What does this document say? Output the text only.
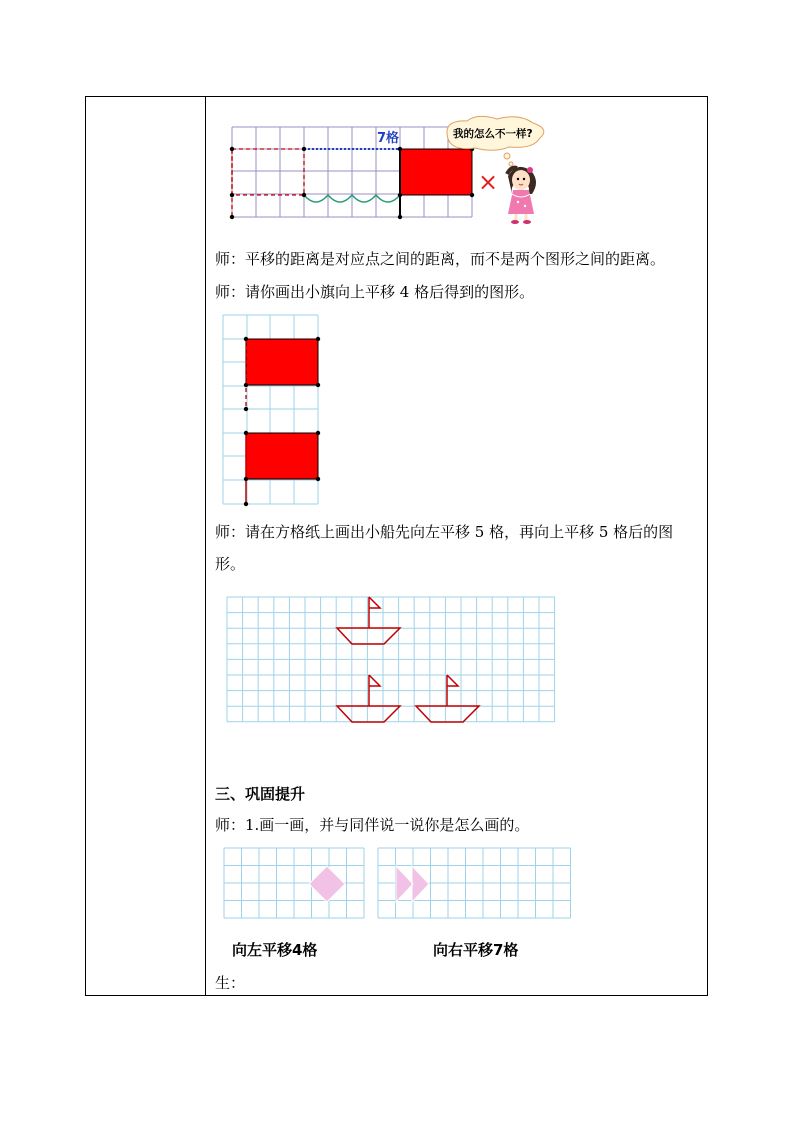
7格	我的怎么不一样?
×
师：平移的距离是对应点之间的距离，而不是两个图形之间的距离。
师：请你画出小旗向上平移 4 格后得到的图形。
师：请在方格纸上画出小船先向左平移 5 格，再向上平移 5 格后的图
形。
三、巩固提升
师：1.画一画，并与同伴说一说你是怎么画的。
向左平移4格	向右平移7格
生：
